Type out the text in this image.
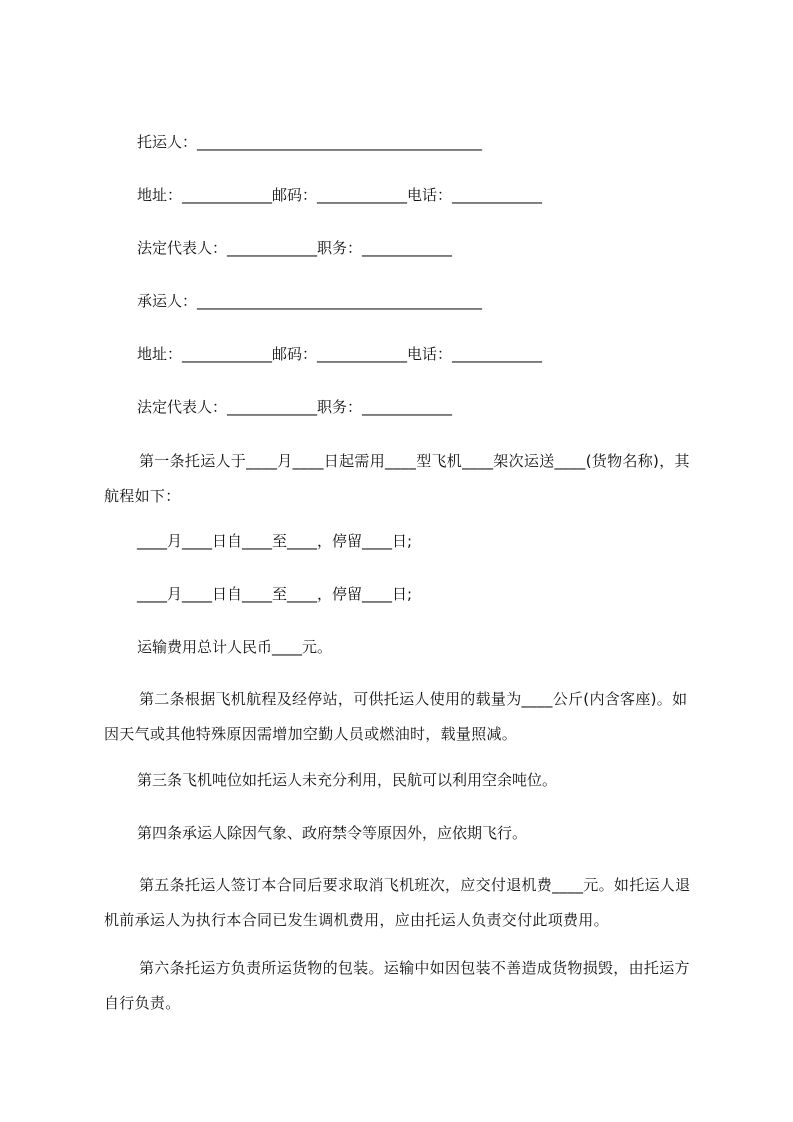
托运人：______________________________________
地址：____________邮码：____________电话：____________
法定代表人：____________职务：____________
承运人：______________________________________
地址：____________邮码：____________电话：____________
法定代表人：____________职务：____________
第一条托运人于____月____日起需用____型飞机____架次运送____(货物名称)，其航程如下：
____月____日自____至____，停留____日;
____月____日自____至____，停留____日;
运输费用总计人民币____元。
第二条根据飞机航程及经停站，可供托运人使用的载量为____公斤(内含客座)。如因天气或其他特殊原因需增加空勤人员或燃油时，载量照减。
第三条飞机吨位如托运人未充分利用，民航可以利用空余吨位。
第四条承运人除因气象、政府禁令等原因外，应依期飞行。
第五条托运人签订本合同后要求取消飞机班次，应交付退机费____元。如托运人退机前承运人为执行本合同已发生调机费用，应由托运人负责交付此项费用。
第六条托运方负责所运货物的包装。运输中如因包装不善造成货物损毁，由托运方自行负责。
